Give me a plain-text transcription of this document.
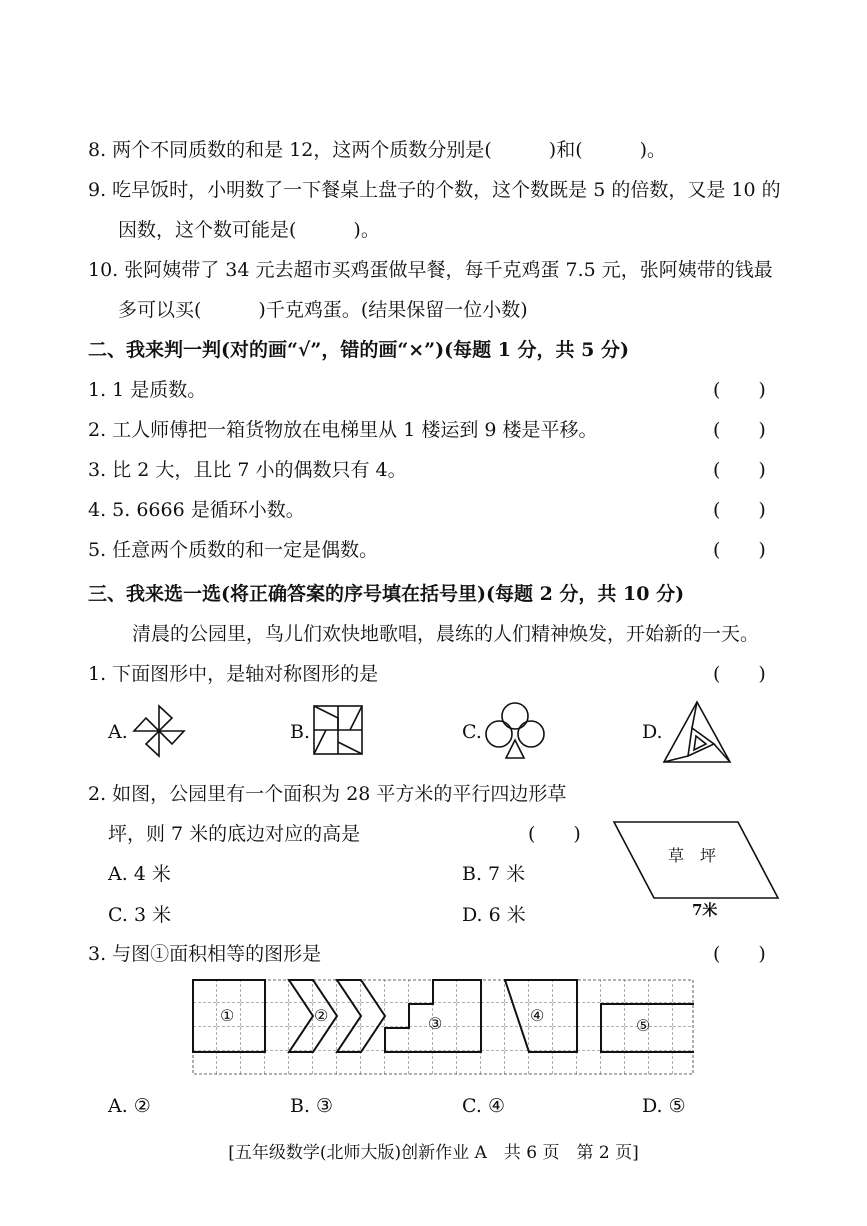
8. 两个不同质数的和是 12，这两个质数分别是(　　　)和(　　　)。
9. 吃早饭时，小明数了一下餐桌上盘子的个数，这个数既是 5 的倍数，又是 10 的
因数，这个数可能是(　　　)。
10. 张阿姨带了 34 元去超市买鸡蛋做早餐，每千克鸡蛋 7.5 元，张阿姨带的钱最
多可以买(　　　)千克鸡蛋。(结果保留一位小数)
二、我来判一判(对的画“√”，错的画“×”)(每题 1 分，共 5 分)
1. 1 是质数。	(　　)
2. 工人师傅把一箱货物放在电梯里从 1 楼运到 9 楼是平移。	(　　)
3. 比 2 大，且比 7 小的偶数只有 4。	(　　)
4. 5. 6666 是循环小数。	(　　)
5. 任意两个质数的和一定是偶数。	(　　)
三、我来选一选(将正确答案的序号填在括号里)(每题 2 分，共 10 分)
清晨的公园里，鸟儿们欢快地歌唱，晨练的人们精神焕发，开始新的一天。
1. 下面图形中，是轴对称图形的是	(　　)
A.	B.	C.	D.
2. 如图，公园里有一个面积为 28 平方米的平行四边形草
坪，则 7 米的底边对应的高是	(　　)
A. 4 米	B. 7 米
C. 3 米	D. 6 米
草　坪
7米
3. 与图①面积相等的图形是	(　　)
①	②	③	④
⑤
A. ②	B. ③	C. ④	D. ⑤
[五年级数学(北师大版)创新作业 A　共 6 页　第 2 页]
